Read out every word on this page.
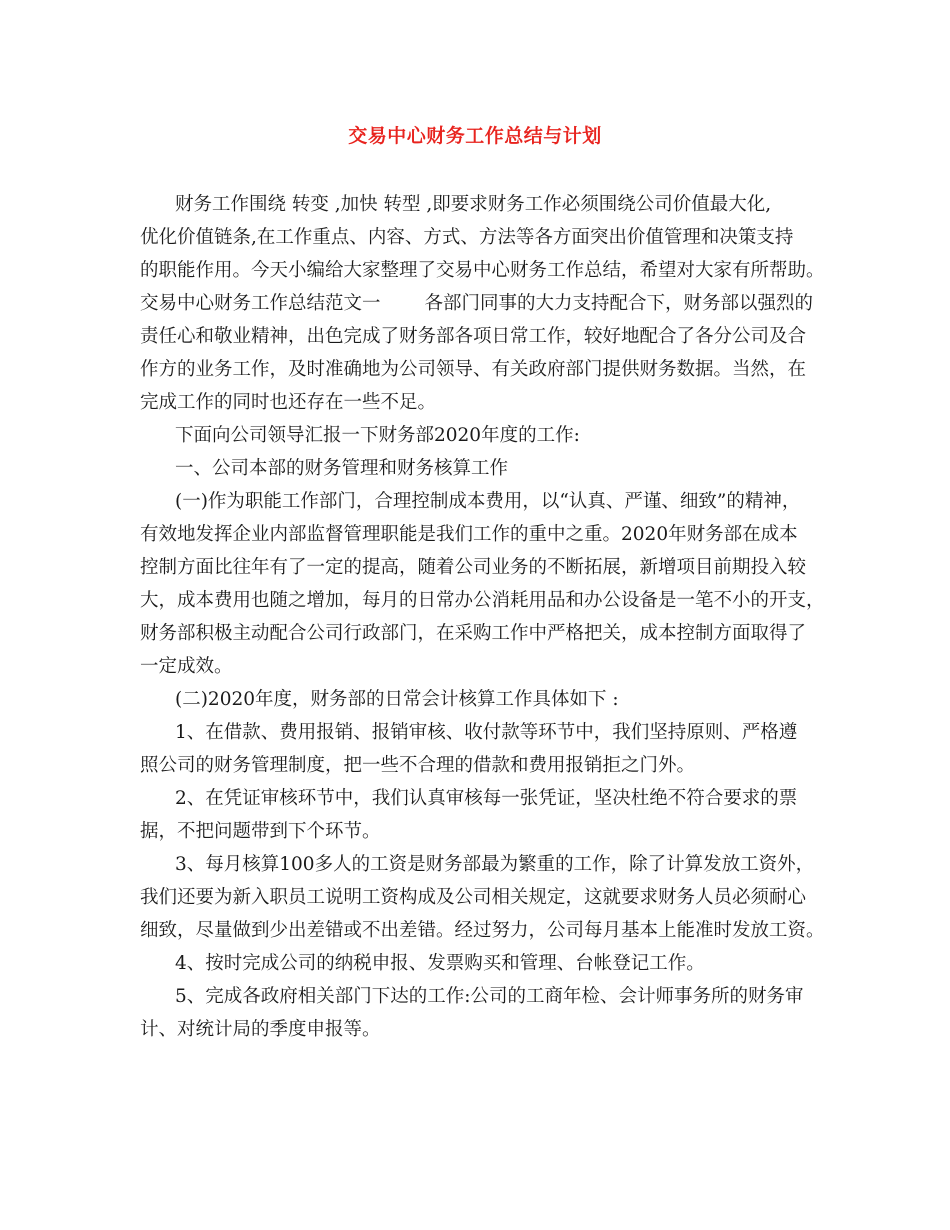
交易中心财务工作总结与计划
财务工作围绕 转变 ,加快 转型 ,即要求财务工作必须围绕公司价值最大化,
优化价值链条,在工作重点、内容、方式、方法等各方面突出价值管理和决策支持
的职能作用。今天小编给大家整理了交易中心财务工作总结，希望对大家有所帮助。
交易中心财务工作总结范文一 各部门同事的大力支持配合下，财务部以强烈的
责任心和敬业精神，出色完成了财务部各项日常工作，较好地配合了各分公司及合
作方的业务工作，及时准确地为公司领导、有关政府部门提供财务数据。当然，在
完成工作的同时也还存在一些不足。
下面向公司领导汇报一下财务部2020年度的工作:
一、公司本部的财务管理和财务核算工作
(一)作为职能工作部门，合理控制成本费用，以“认真、严谨、细致”的精神，
有效地发挥企业内部监督管理职能是我们工作的重中之重。2020年财务部在成本
控制方面比往年有了一定的提高，随着公司业务的不断拓展，新增项目前期投入较
大，成本费用也随之增加，每月的日常办公消耗用品和办公设备是一笔不小的开支，
财务部积极主动配合公司行政部门，在采购工作中严格把关，成本控制方面取得了
一定成效。
(二)2020年度，财务部的日常会计核算工作具体如下 :
1、在借款、费用报销、报销审核、收付款等环节中，我们坚持原则、严格遵
照公司的财务管理制度，把一些不合理的借款和费用报销拒之门外。
2、在凭证审核环节中，我们认真审核每一张凭证，坚决杜绝不符合要求的票
据，不把问题带到下个环节。
3、每月核算100多人的工资是财务部最为繁重的工作，除了计算发放工资外，
我们还要为新入职员工说明工资构成及公司相关规定，这就要求财务人员必须耐心
细致，尽量做到少出差错或不出差错。经过努力，公司每月基本上能准时发放工资。
4、按时完成公司的纳税申报、发票购买和管理、台帐登记工作。
5、完成各政府相关部门下达的工作:公司的工商年检、会计师事务所的财务审
计、对统计局的季度申报等。
